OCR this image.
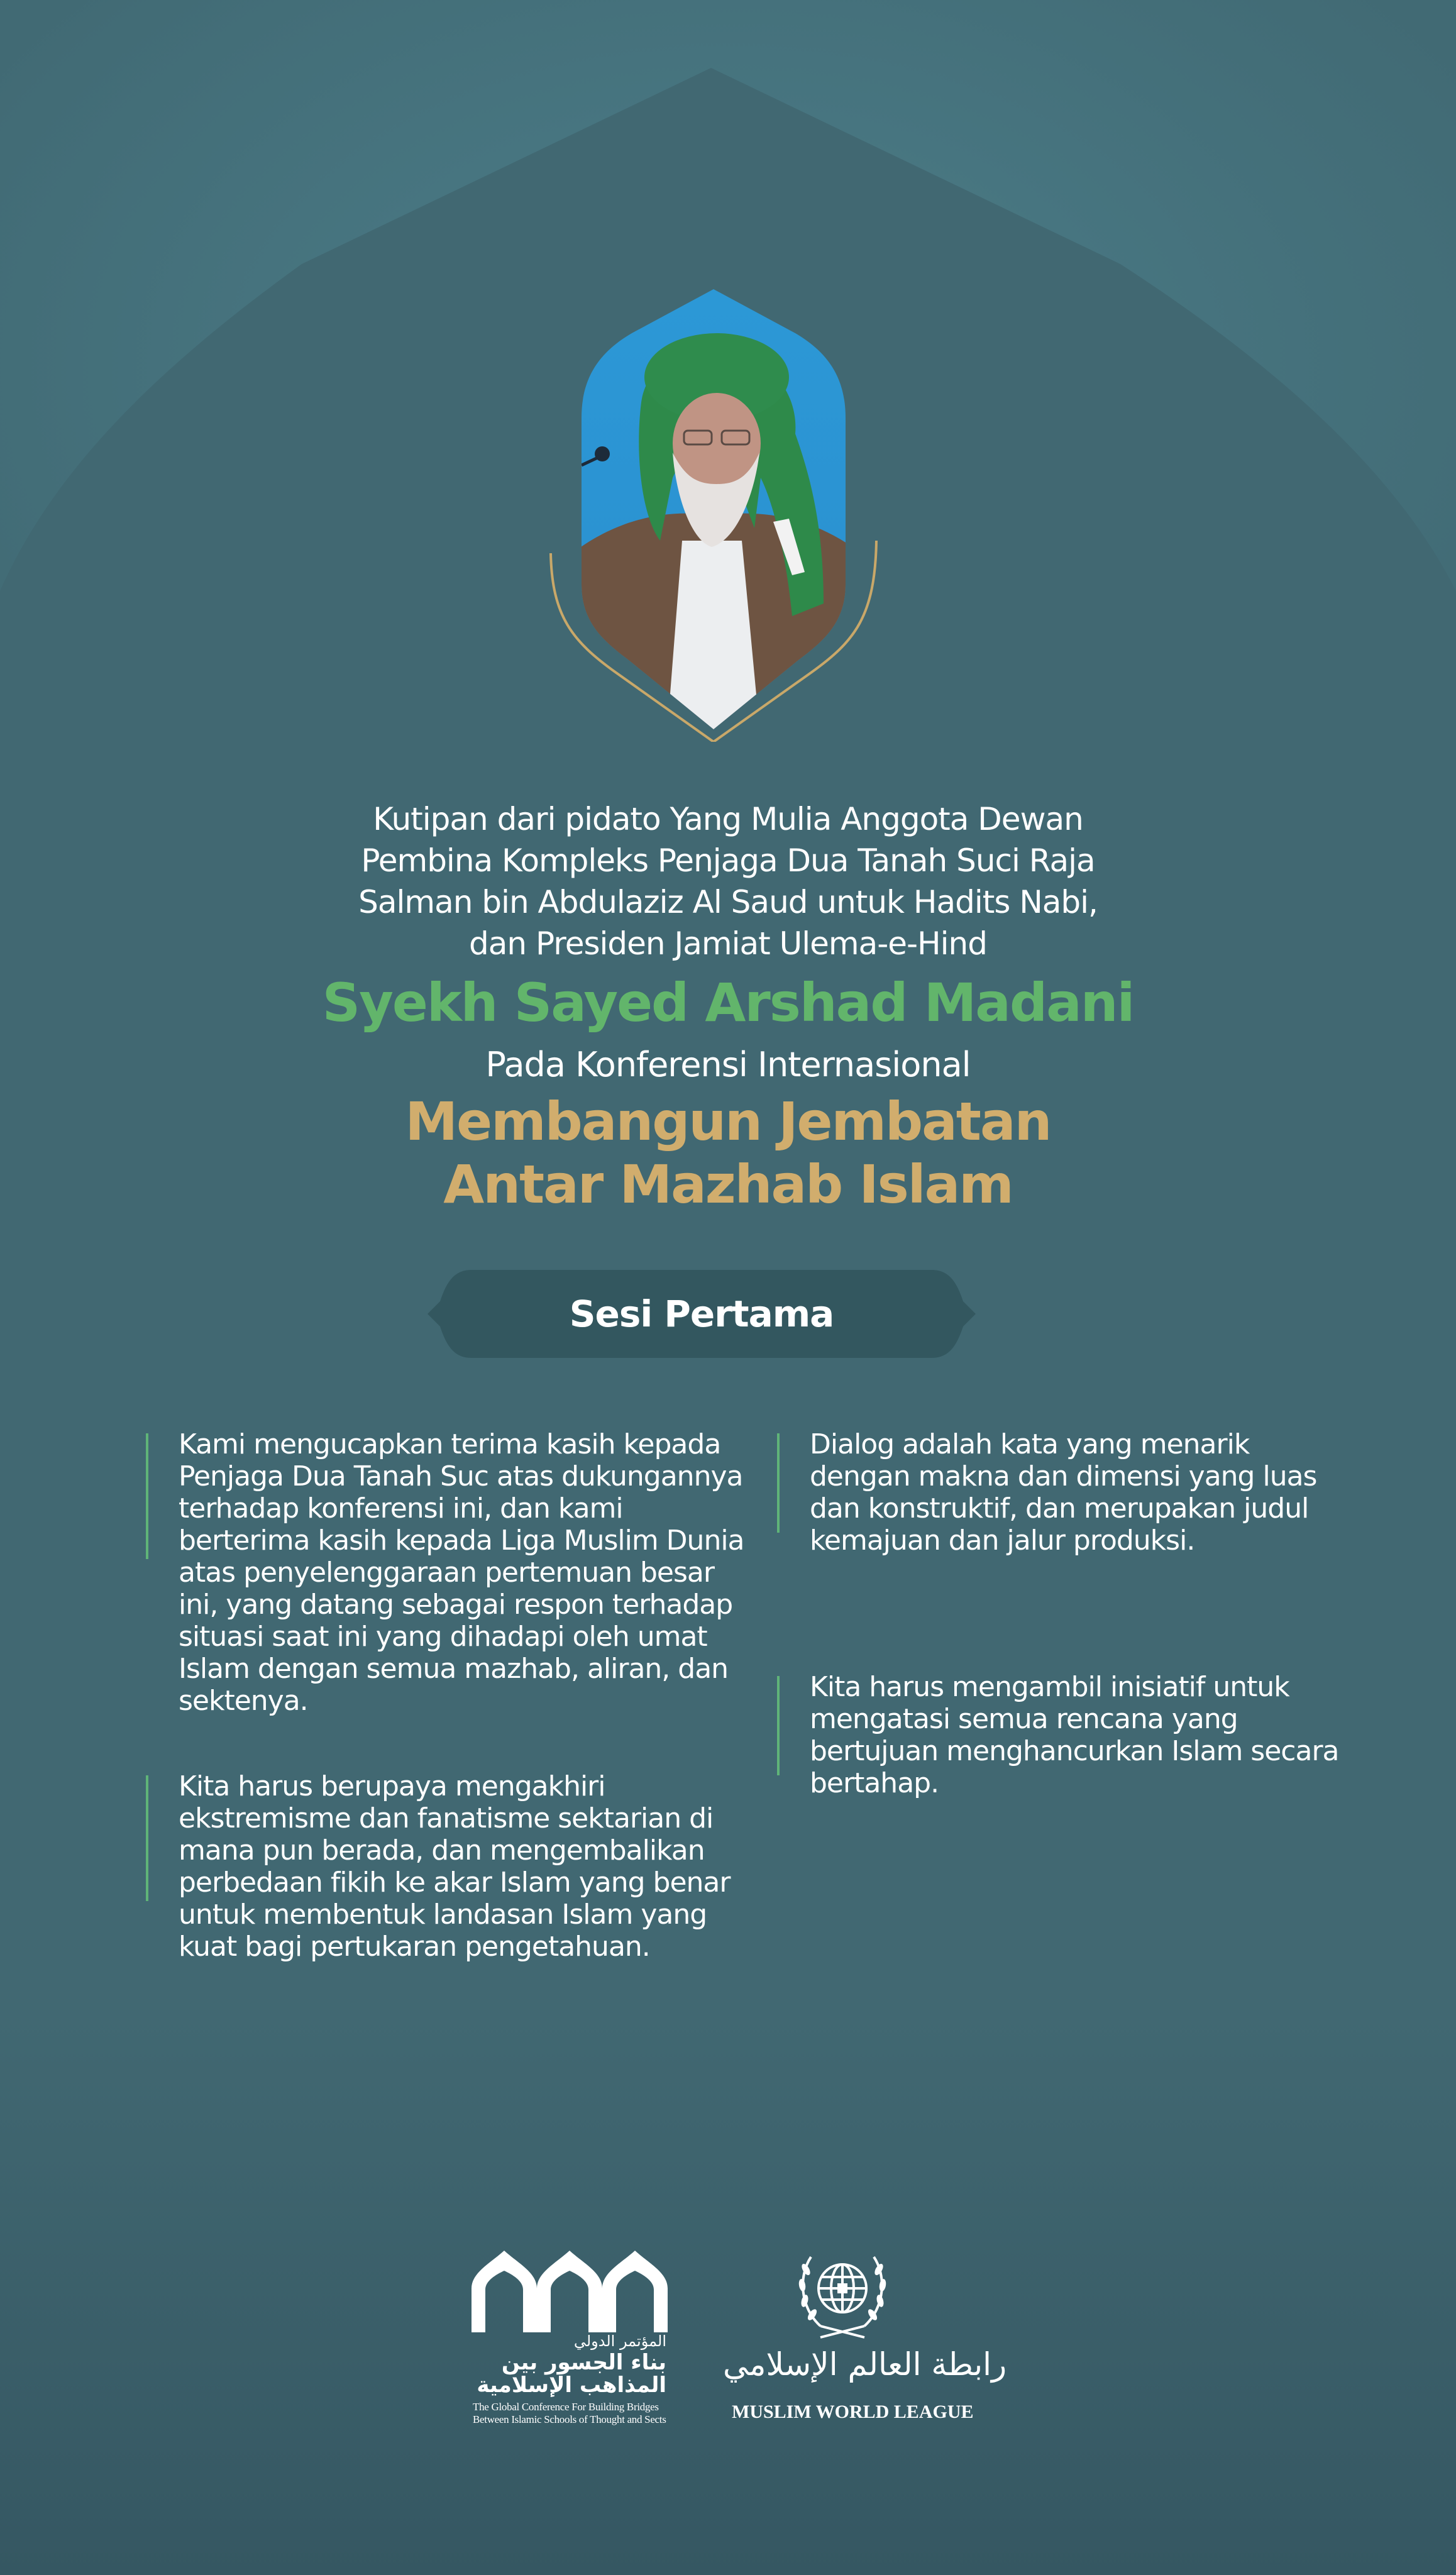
Kutipan dari pidato Yang Mulia Anggota Dewan
Pembina Kompleks Penjaga Dua Tanah Suci Raja
Salman bin Abdulaziz Al Saud untuk Hadits Nabi,
dan Presiden Jamiat Ulema-e-Hind
Syekh Sayed Arshad Madani
Pada Konferensi Internasional
Membangun Jembatan
Antar Mazhab Islam
Sesi Pertama

Kami mengucapkan terima kasih kepada Penjaga Dua Tanah Suc atas dukungannya terhadap konferensi ini, dan kami berterima kasih kepada Liga Muslim Dunia atas penyelenggaraan pertemuan besar ini, yang datang sebagai respon terhadap situasi saat ini yang dihadapi oleh umat Islam dengan semua mazhab, aliran, dan sektenya.

Kita harus berupaya mengakhiri ekstremisme dan fanatisme sektarian di mana pun berada, dan mengembalikan perbedaan fikih ke akar Islam yang benar untuk membentuk landasan Islam yang kuat bagi pertukaran pengetahuan.

Dialog adalah kata yang menarik dengan makna dan dimensi yang luas dan konstruktif, dan merupakan judul kemajuan dan jalur produksi.

Kita harus mengambil inisiatif untuk mengatasi semua rencana yang bertujuan menghancurkan Islam secara bertahap.

المؤتمر الدولي
بناء الجسور بين
المذاهب الإسلامية
The Global Conference For Building Bridges
Between Islamic Schools of Thought and Sects
رابطة العالم الإسلامي
MUSLIM WORLD LEAGUE
